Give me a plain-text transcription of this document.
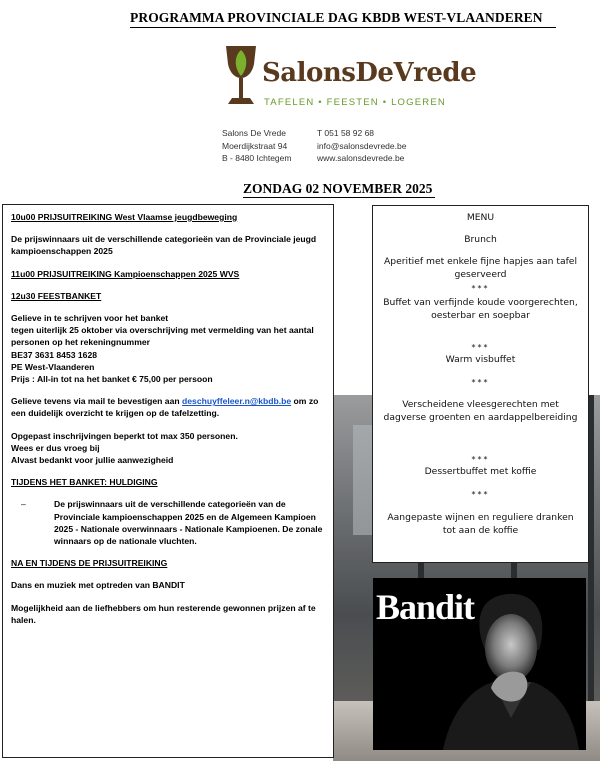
PROGRAMMA PROVINCIALE DAG KBDB WEST-VLAANDEREN
SalonsDeVrede
TAFELEN • FEESTEN • LOGEREN
Salons De Vrede
Moerdijkstraat 94
B - 8480 Ichtegem
T 051 58 92 68
info@salonsdevrede.be
www.salonsdevrede.be
ZONDAG 02 NOVEMBER 2025

10u00 PRIJSUITREIKING West Vlaamse jeugdbeweging

De prijswinnaars uit de verschillende categorieën van de Provinciale jeugd kampioenschappen 2025

11u00 PRIJSUITREIKING Kampioenschappen 2025 WVS

12u30 FEESTBANKET

Gelieve in te schrijven voor het banket
tegen uiterlijk 25 oktober via overschrijving met vermelding van het aantal personen op het rekeningnummer
BE37 3631 8453 1628
PE West-Vlaanderen
Prijs : All-in tot na het banket € 75,00 per persoon

Gelieve tevens via mail te bevestigen aan deschuyffeleer.n@kbdb.be om zo een duidelijk overzicht te krijgen op de tafelzetting.

Opgepast inschrijvingen beperkt tot max 350 personen.
Wees er dus vroeg bij
Alvast bedankt voor jullie aanwezigheid

TIJDENS HET BANKET: HULDIGING

–	De prijswinnaars uit de verschillende categorieën van de Provinciale kampioenschappen 2025 en de Algemeen Kampioen 2025 - Nationale overwinnaars - Nationale Kampioenen. De zonale winnaars op de nationale vluchten.

NA EN TIJDENS DE PRIJSUITREIKING

Dans en muziek met optreden van BANDIT

Mogelijkheid aan de liefhebbers om hun resterende gewonnen prijzen af te halen.

MENU
Brunch
Aperitief met enkele fijne hapjes aan tafel geserveerd
***
Buffet van verfijnde koude voorgerechten, oesterbar en soepbar
***
Warm visbuffet
***
Verscheidene vleesgerechten met dagverse groenten en aardappelbereiding
***
Dessertbuffet met koffie
***
Aangepaste wijnen en reguliere dranken tot aan de koffie
Bandit
